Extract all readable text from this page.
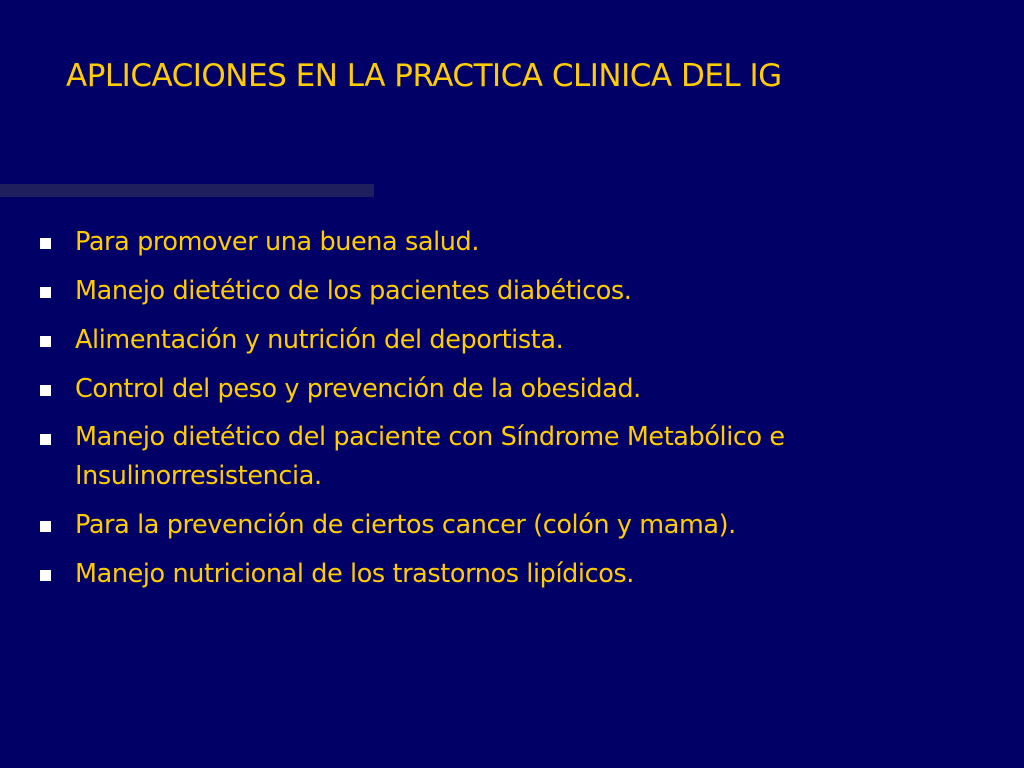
APLICACIONES EN LA PRACTICA CLINICA DEL IG
Para promover una buena salud.
Manejo dietético de los pacientes diabéticos.
Alimentación y nutrición del deportista.
Control del peso y prevención de la obesidad.
Manejo dietético del paciente con Síndrome Metabólico e Insulinorresistencia.
Para la prevención de ciertos cancer (colón y mama).
Manejo nutricional de los trastornos lipídicos.
